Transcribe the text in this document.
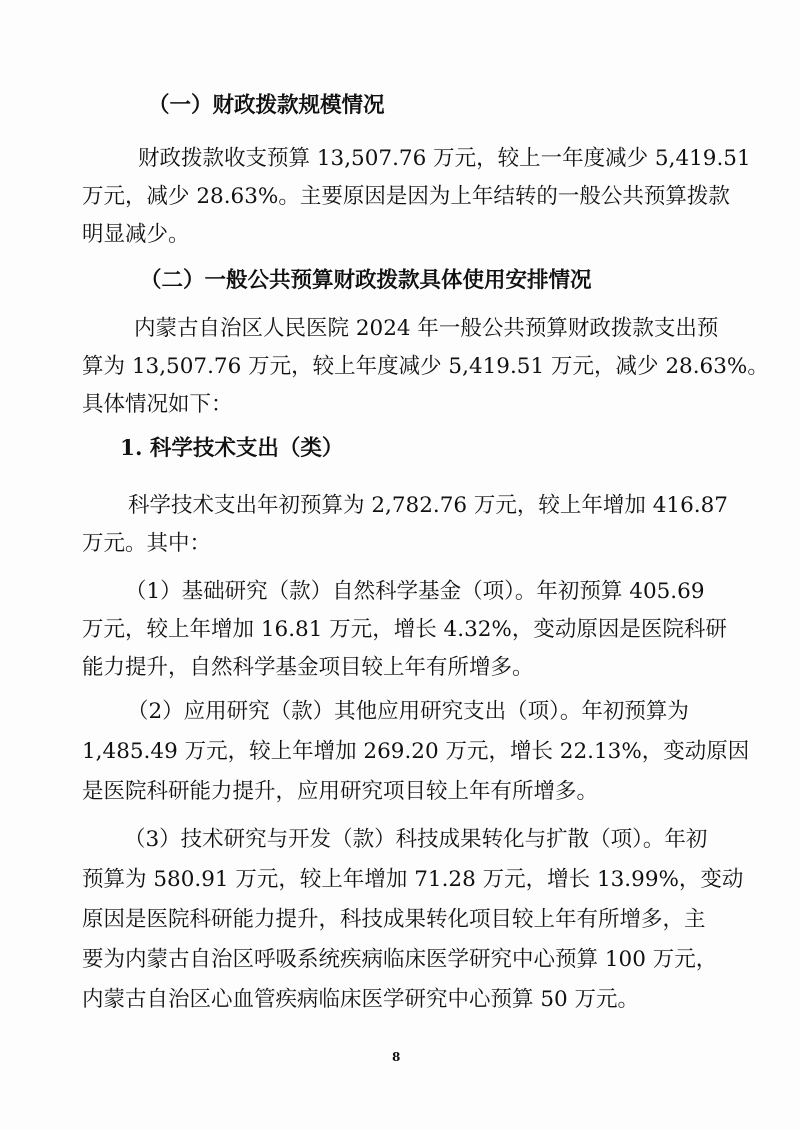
（一）财政拨款规模情况
财政拨款收支预算 13,507.76 万元，较上一年度减少 5,419.51
万元，减少 28.63%。主要原因是因为上年结转的一般公共预算拨款
明显减少。
（二）一般公共预算财政拨款具体使用安排情况
内蒙古自治区人民医院 2024 年一般公共预算财政拨款支出预
算为 13,507.76 万元，较上年度减少 5,419.51 万元，减少 28.63%。
具体情况如下：
1. 科学技术支出（类）
科学技术支出年初预算为 2,782.76 万元，较上年增加 416.87
万元。其中：
（1）基础研究（款）自然科学基金（项）。年初预算 405.69
万元，较上年增加 16.81 万元，增长 4.32%，变动原因是医院科研
能力提升，自然科学基金项目较上年有所增多。
（2）应用研究（款）其他应用研究支出（项）。年初预算为
1,485.49 万元，较上年增加 269.20 万元，增长 22.13%，变动原因
是医院科研能力提升，应用研究项目较上年有所增多。
（3）技术研究与开发（款）科技成果转化与扩散（项）。年初
预算为 580.91 万元，较上年增加 71.28 万元，增长 13.99%，变动
原因是医院科研能力提升，科技成果转化项目较上年有所增多，主
要为内蒙古自治区呼吸系统疾病临床医学研究中心预算 100 万元，
内蒙古自治区心血管疾病临床医学研究中心预算 50 万元。
8
